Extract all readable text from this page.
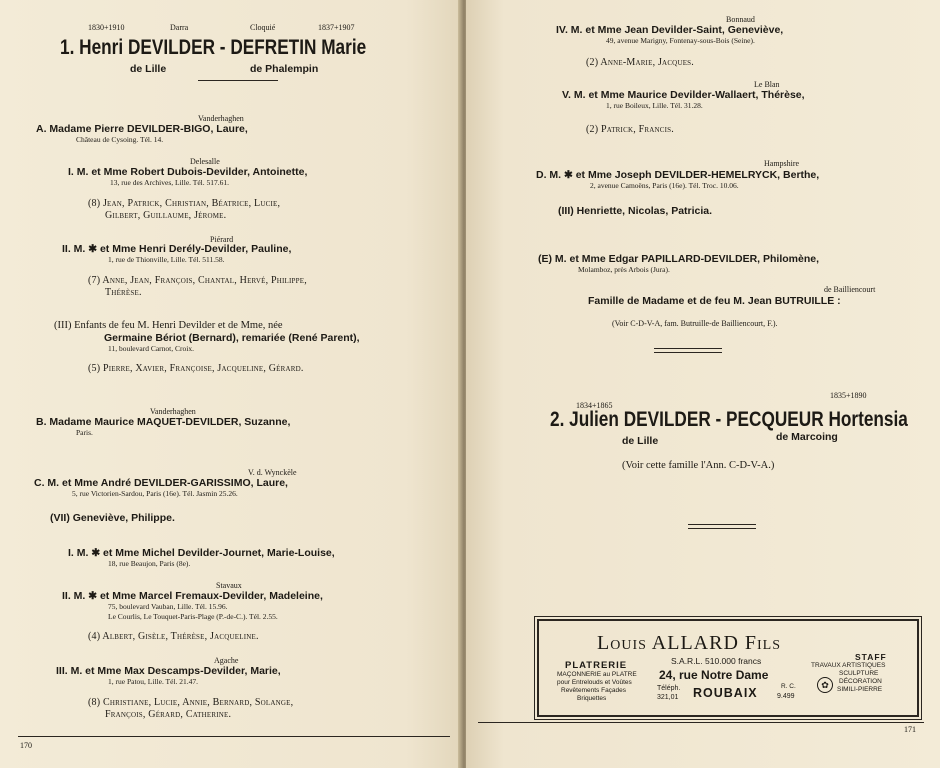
1830+1910	Darra	Cloquié	1837+1907
1. Henri DEVILDER - DEFRETIN Marie
de Lille	de Phalempin
Vanderhaghen
A. Madame Pierre DEVILDER-BIGO, Laure,
Château de Cysoing. Tél. 14.
Delesalle
I. M. et Mme Robert Dubois-Devilder, Antoinette,
13, rue des Archives, Lille. Tél. 517.61.
(8) Jean, Patrick, Christian, Béatrice, Lucie,
Gilbert, Guillaume, Jérome.
Piérard
II. M. ✱ et Mme Henri Derély-Devilder, Pauline,
1, rue de Thionville, Lille. Tél. 511.58.
(7) Anne, Jean, François, Chantal, Hervé, Philippe,
Thérèse.
(III) Enfants de feu M. Henri Devilder et de Mme, née
Germaine Bériot (Bernard), remariée (René Parent),
11, boulevard Carnot, Croix.
(5) Pierre, Xavier, Françoise, Jacqueline, Gérard.
Vanderhaghen
B. Madame Maurice MAQUET-DEVILDER, Suzanne,
Paris.
V. d. Wynckèle
C. M. et Mme André DEVILDER-GARISSIMO, Laure,
5, rue Victorien-Sardou, Paris (16e). Tél. Jasmin 25.26.
(VII) Geneviève, Philippe.
I. M. ✱ et Mme Michel Devilder-Journet, Marie-Louise,
18, rue Beaujon, Paris (8e).
Stavaux
II. M. ✱ et Mme Marcel Fremaux-Devilder, Madeleine,
75, boulevard Vauban, Lille. Tél. 15.96.
Le Courlis, Le Touquet-Paris-Plage (P.-de-C.). Tél. 2.55.
(4) Albert, Gisèle, Thérèse, Jacqueline.
Agache
III. M. et Mme Max Descamps-Devilder, Marie,
1, rue Patou, Lille. Tél. 21.47.
(8) Christiane, Lucie, Annie, Bernard, Solange,
François, Gérard, Catherine.
170
Bonnaud
IV. M. et Mme Jean Devilder-Saint, Geneviève,
49, avenue Marigny, Fontenay-sous-Bois (Seine).
(2) Anne-Marie, Jacques.
Le Blan
V. M. et Mme Maurice Devilder-Wallaert, Thérèse,
1, rue Boileux, Lille. Tél. 31.28.
(2) Patrick, Francis.
Hampshire
D. M. ✱ et Mme Joseph DEVILDER-HEMELRYCK, Berthe,
2, avenue Camoëns, Paris (16e). Tél. Troc. 10.06.
(III) Henriette, Nicolas, Patricia.
(E) M. et Mme Edgar PAPILLARD-DEVILDER, Philomène,
Molamboz, près Arbois (Jura).
de Bailliencourt
Famille de Madame et de feu M. Jean BUTRUILLE :
(Voir C-D-V-A, fam. Butruille-de Bailliencourt, F.).
1834+1865
1835+1890
2. Julien DEVILDER - PECQUEUR Hortensia
de Lille	de Marcoing
(Voir cette famille l'Ann. C-D-V-A.)
171
Louis ALLARD Fils
S.A.R.L. 510.000 francs
PLATRERIE
MAÇONNERIE au PLATRE
pour Entrelouds et Voûtes
Revêtements Façades
Briquettes
24, rue Notre Dame
Téléph.
321,01 ROUBAIX	R. C.
9.499
STAFF
TRAVAUX ARTISTIQUES
SCULPTURE
DÉCORATION
SIMILI-PIERRE
✿
